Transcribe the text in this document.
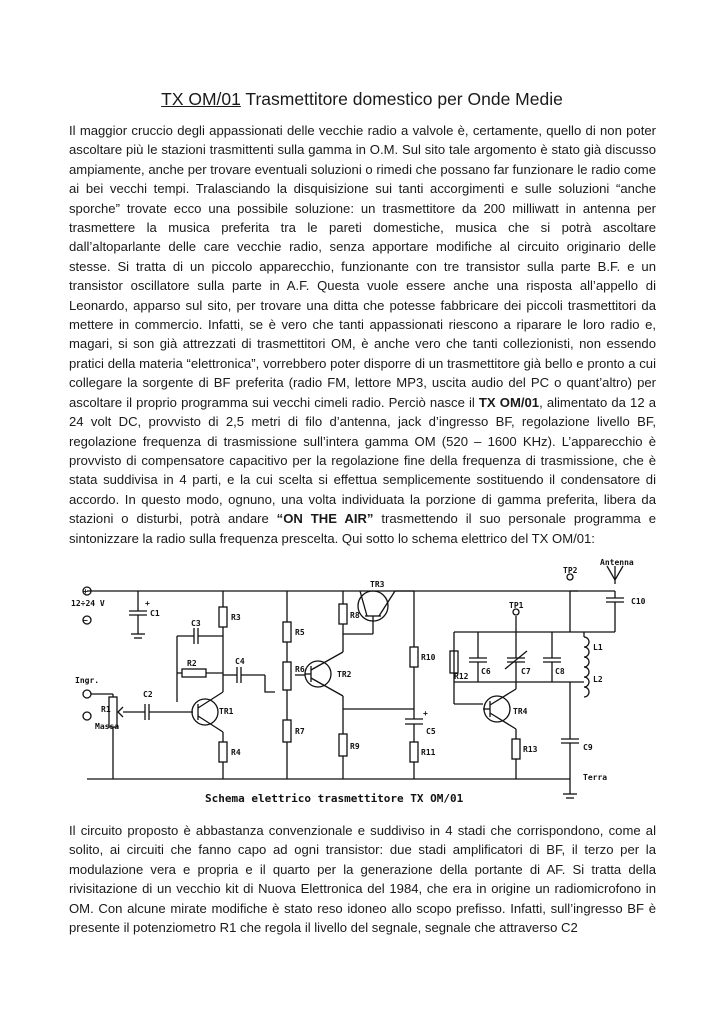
TX OM/01 Trasmettitore domestico per Onde Medie

Il maggior cruccio degli appassionati delle vecchie radio a valvole è, certamente, quello di non poter ascoltare più le stazioni trasmittenti sulla gamma in O.M. Sul sito tale argomento è stato già discusso ampiamente, anche per trovare eventuali soluzioni o rimedi che possano far funzionare le radio come ai bei vecchi tempi. Tralasciando la disquisizione sui tanti accorgimenti e sulle soluzioni “anche sporche” trovate ecco una possibile soluzione: un trasmettitore da 200 milliwatt in antenna per trasmettere la musica preferita tra le pareti domestiche, musica che si potrà ascoltare dall’altoparlante delle care vecchie radio, senza apportare modifiche al circuito originario delle stesse. Si tratta di un piccolo apparecchio, funzionante con tre transistor sulla parte B.F. e un transistor oscillatore sulla parte in A.F. Questa vuole essere anche una risposta all’appello di Leonardo, apparso sul sito, per trovare una ditta che potesse fabbricare dei piccoli trasmettitori da mettere in commercio. Infatti, se è vero che tanti appassionati riescono a riparare le loro radio e, magari, si son già attrezzati di trasmettitori OM, è anche vero che tanti collezionisti, non essendo pratici della materia “elettronica”, vorrebbero poter disporre di un trasmettitore già bello e pronto a cui collegare la sorgente di BF preferita (radio FM, lettore MP3, uscita audio del PC o quant’altro) per ascoltare il proprio programma sui vecchi cimeli radio. Perciò nasce il TX OM/01, alimentato da 12 a 24 volt DC, provvisto di 2,5 metri di filo d’antenna, jack d’ingresso BF, regolazione livello BF, regolazione frequenza di trasmissione sull’intera gamma OM (520 – 1600 KHz). L’apparecchio è provvisto di compensatore capacitivo per la regolazione fine della frequenza di trasmissione, che è stata suddivisa in 4 parti, e la cui scelta si effettua semplicemente sostituendo il condensatore di accordo. In questo modo, ognuno, una volta individuata la porzione di gamma preferita, libera da stazioni o disturbi, potrà andare “ON THE AIR” trasmettendo il suo personale programma e sintonizzare la radio sulla frequenza prescelta. Qui sotto lo schema elettrico del TX OM/01:

12÷24 V
Ingr.
Massa
Antenna
Terra
TP1
TP2
+
+
+
−
C1
C2
C3
C4
C5
C6	C7	C8
C9
C10
R1
R2
R3
R4
R5
R6
R7
R8
R9
R10
R11
R12
R13
TR1
TR2
TR3
TR4
L1
L2
Schema elettrico trasmettitore TX OM/01

Il circuito proposto è abbastanza convenzionale e suddiviso in 4 stadi che corrispondono, come al solito, ai circuiti che fanno capo ad ogni transistor: due stadi amplificatori di BF, il terzo per la modulazione vera e propria e il quarto per la generazione della portante di AF. Si tratta della rivisitazione di un vecchio kit di Nuova Elettronica del 1984, che era in origine un radiomicrofono in OM. Con alcune mirate modifiche è stato reso idoneo allo scopo prefisso. Infatti, sull’ingresso BF è presente il potenziometro R1 che regola il livello del segnale, segnale che attraverso C2
